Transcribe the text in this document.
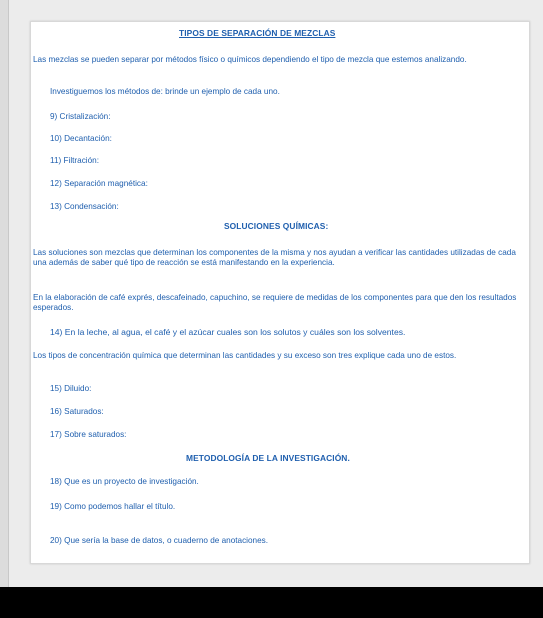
TIPOS DE SEPARACIÓN DE MEZCLAS
Las mezclas se pueden separar por métodos físico o químicos dependiendo el tipo de mezcla que estemos analizando.
Investiguemos los métodos de: brinde un ejemplo de cada uno.
9) Cristalización:
10) Decantación:
11) Filtración:
12) Separación magnética:
13) Condensación:
SOLUCIONES QUÍMICAS:
Las soluciones son mezclas que determinan los componentes de la misma y nos ayudan a verificar las cantidades utilizadas de cada una además de saber qué tipo de reacción se está manifestando en la experiencia.
En la elaboración de café exprés, descafeinado, capuchino, se requiere de medidas de los componentes para que den los resultados esperados.
14) En la leche, al agua, el café y el azúcar cuales son los solutos y cuáles son los solventes.
Los tipos de concentración química que determinan las cantidades y su exceso son tres explique cada uno de estos.
15) Diluido:
16) Saturados:
17) Sobre saturados:
METODOLOGÍA DE LA INVESTIGACIÓN.
18) Que es un proyecto de investigación.
19) Como podemos hallar el título.
20) Que sería la base de datos, o cuaderno de anotaciones.
